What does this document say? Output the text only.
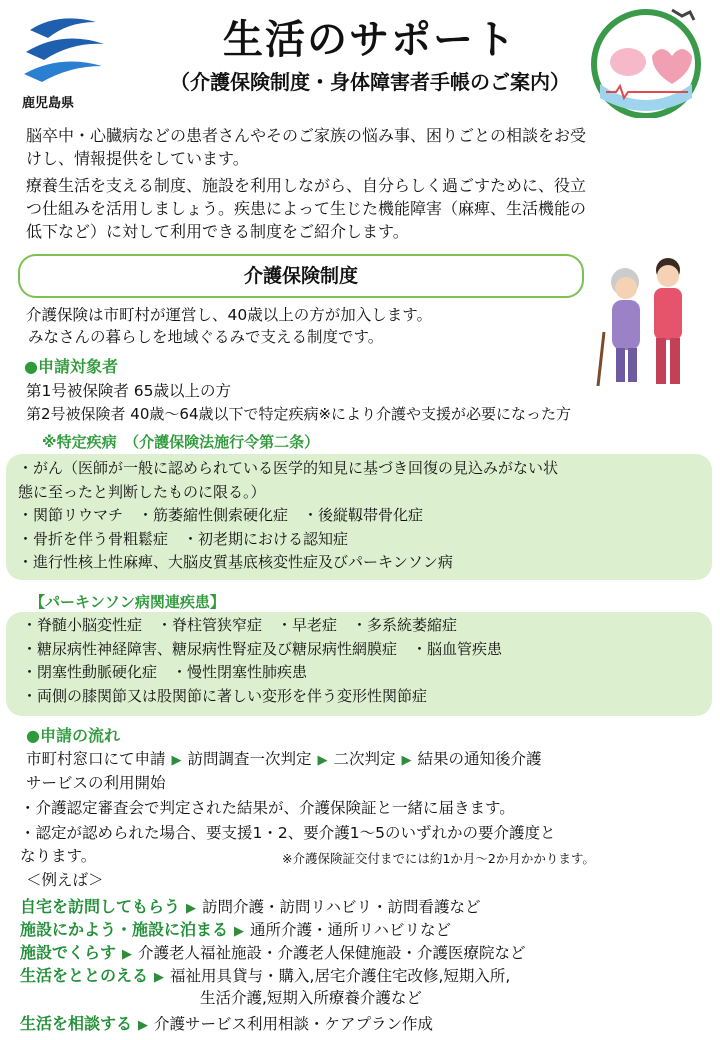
鹿児島県
生活のサポート
（介護保険制度・身体障害者手帳のご案内）
脳卒中・心臓病などの患者さんやそのご家族の悩み事、困りごとの相談をお受
けし、情報提供をしています。
療養生活を支える制度、施設を利用しながら、自分らしく過ごすために、役立
つ仕組みを活用しましょう。疾患によって生じた機能障害（麻痺、生活機能の
低下など）に対して利用できる制度をご紹介します。
介護保険制度
介護保険は市町村が運営し、40歳以上の方が加入します。
みなさんの暮らしを地域ぐるみで支える制度です。
●申請対象者
第1号被保険者 65歳以上の方
第2号被保険者 40歳～64歳以下で特定疾病※により介護や支援が必要になった方
※特定疾病　（介護保険法施行令第二条）
・がん（医師が一般に認められている医学的知見に基づき回復の見込みがない状
態に至ったと判断したものに限る。）
・関節リウマチ　・筋萎縮性側索硬化症　・後縦靱帯骨化症
・骨折を伴う骨粗鬆症　・初老期における認知症
・進行性核上性麻痺、大脳皮質基底核変性症及びパーキンソン病
【パーキンソン病関連疾患】
・脊髄小脳変性症　・脊柱管狭窄症　・早老症　・多系統萎縮症
・糖尿病性神経障害、糖尿病性腎症及び糖尿病性網膜症　・脳血管疾患
・閉塞性動脈硬化症　・慢性閉塞性肺疾患
・両側の膝関節又は股関節に著しい変形を伴う変形性関節症
●申請の流れ
市町村窓口にて申請 ▶ 訪問調査一次判定 ▶ 二次判定 ▶ 結果の通知後介護
サービスの利用開始
・介護認定審査会で判定された結果が、介護保険証と一緒に届きます。
・認定が認められた場合、要支援1・2、要介護1～5のいずれかの要介護度と
なります。	※介護保険証交付までには約1か月～2か月かかります。
＜例えば＞
自宅を訪問してもらう ▶ 訪問介護・訪問リハビリ・訪問看護など
施設にかよう・施設に泊まる ▶ 通所介護・通所リハビリなど
施設でくらす ▶ 介護老人福祉施設・介護老人保健施設・介護医療院など
生活をととのえる ▶ 福祉用具貸与・購入,居宅介護住宅改修,短期入所,
生活介護,短期入所療養介護など
生活を相談する ▶ 介護サービス利用相談・ケアプラン作成
